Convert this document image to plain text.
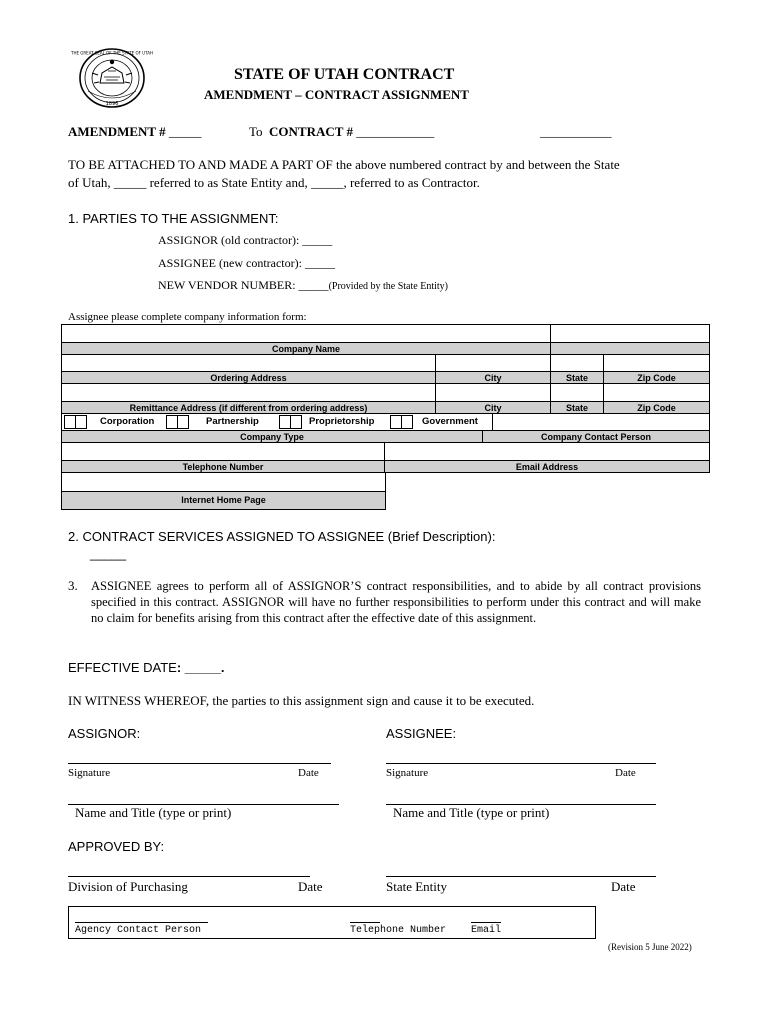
THE GREAT SEAL OF THE STATE OF UTAH
1896
STATE OF UTAH CONTRACT
AMENDMENT – CONTRACT ASSIGNMENT
AMENDMENT # _____	To CONTRACT # ____________	___________
TO BE ATTACHED TO AND MADE A PART OF the above numbered contract by and between the State
of Utah, _____ referred to as State Entity and, _____, referred to as Contractor.
1. PARTIES TO THE ASSIGNMENT:
ASSIGNOR (old contractor): _____
ASSIGNEE (new contractor): _____
NEW VENDOR NUMBER: _____(Provided by the State Entity)
Assignee please complete company information form:
Company Name
Ordering Address	City	State	Zip Code
Remittance Address (if different from ordering address)	City	State	Zip Code
Corporation	Partnership	Proprietorship	Government
Company Type	Company Contact Person
Telephone Number	Email Address
Internet Home Page
2. CONTRACT SERVICES ASSIGNED TO ASSIGNEE (Brief Description):
_____
3. ASSIGNEE agrees to perform all of ASSIGNOR’S contract responsibilities, and to abide by all contract provisions specified in this contract. ASSIGNOR will have no further responsibilities to perform under this contract and will make no claim for benefits arising from this contract after the effective date of this assignment.
EFFECTIVE DATE: _____.
IN WITNESS WHEREOF, the parties to this assignment sign and cause it to be executed.
ASSIGNOR:	ASSIGNEE:
Signature	Date	Signature	Date
Name and Title (type or print)	Name and Title (type or print)
APPROVED BY:
Division of Purchasing	Date	State Entity	Date
Agency Contact Person	Telephone Number Email
(Revision 5 June 2022)
